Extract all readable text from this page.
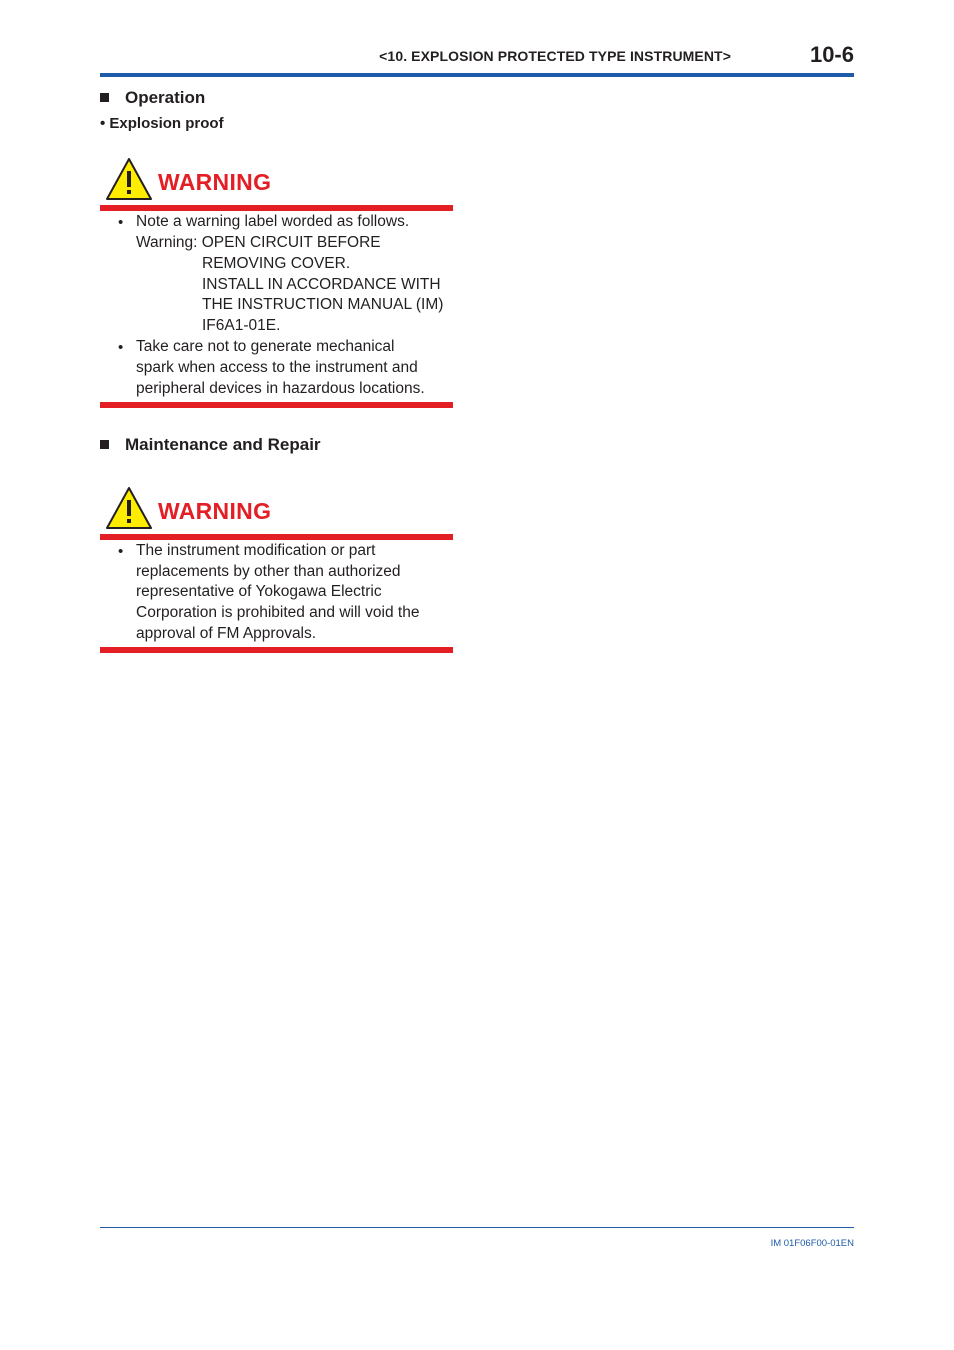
<10. EXPLOSION PROTECTED TYPE INSTRUMENT>	10-6
Operation
• Explosion proof
WARNING
• Note a warning label worded as follows.
Warning: OPEN CIRCUIT BEFORE
REMOVING COVER.
INSTALL IN ACCORDANCE WITH
THE INSTRUCTION MANUAL (IM)
IF6A1-01E.
• Take care not to generate mechanical
spark when access to the instrument and
peripheral devices in hazardous locations.
Maintenance and Repair
WARNING
• The instrument modification or part
replacements by other than authorized
representative of Yokogawa Electric
Corporation is prohibited and will void the
approval of FM Approvals.
IM 01F06F00-01EN
